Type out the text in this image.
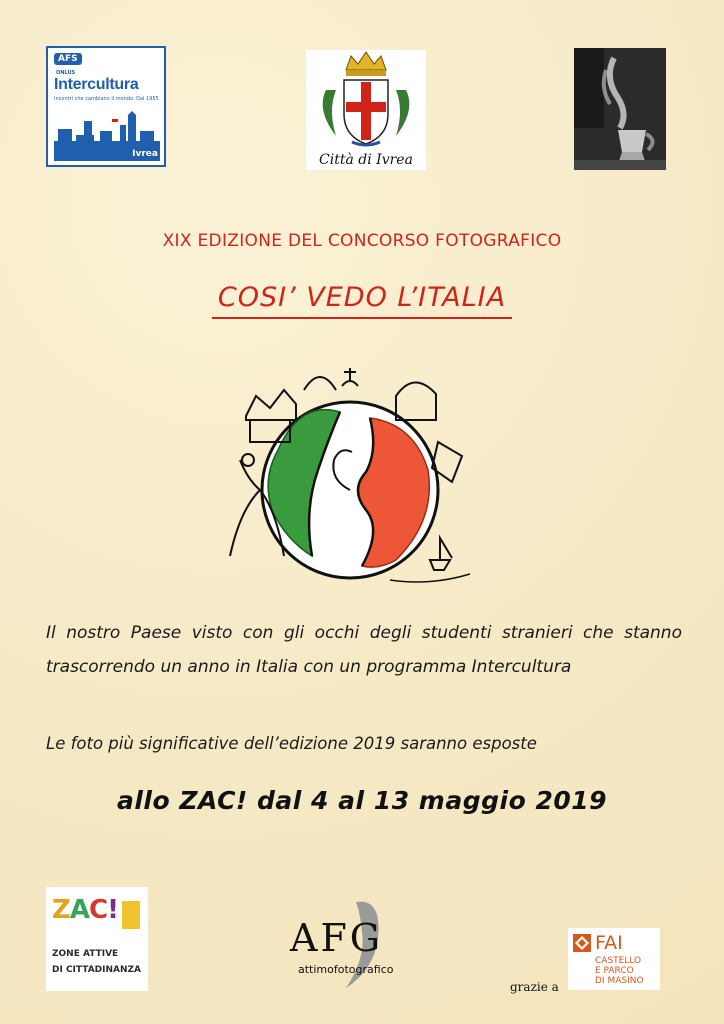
AFS
ONLUS
Intercultura
Incontri che cambiano il mondo. Dal 1955
Ivrea	Città di Ivrea
XIX EDIZIONE DEL CONCORSO FOTOGRAFICO
COSI’ VEDO L’ITALIA
Il nostro Paese visto con gli occhi degli studenti stranieri che stanno trascorrendo un anno in Italia con un programma Intercultura
Le foto più significative dell’edizione 2019 saranno esposte
allo ZAC! dal 4 al 13 maggio 2019
ZAC!
ZONE ATTIVE
DI CITTADINANZA
AFG
attimofotografico
grazie a
FAI
CASTELLO
E PARCO
DI MASINO
